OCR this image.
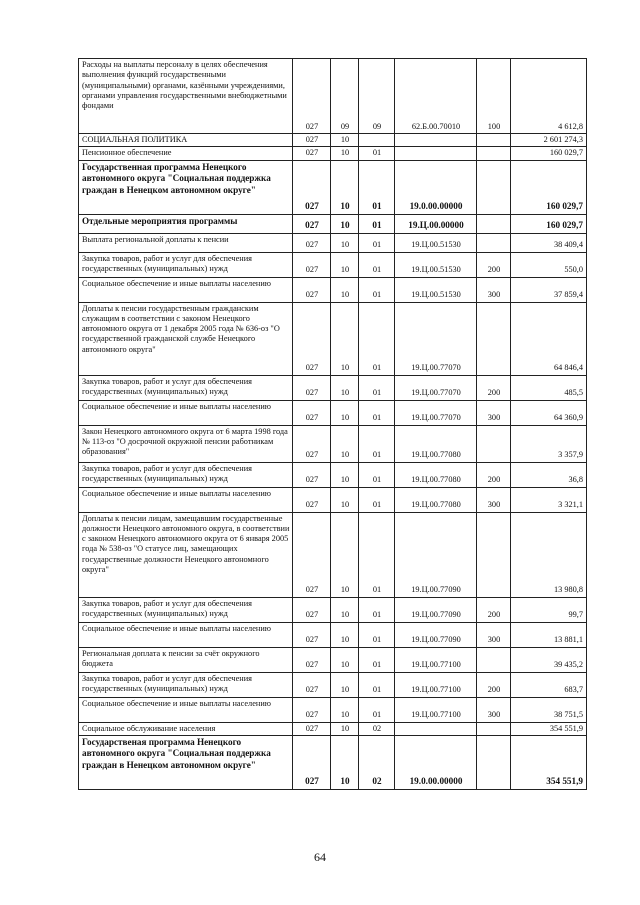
Расходы на выплаты персоналу в целях обеспечения выполнения функций государственными (муниципальными) органами, казёнными учреждениями, органами управления государственными внебюджетными фондами	027	09	09	62.Б.00.70010	100	4 612,8
СОЦИАЛЬНАЯ ПОЛИТИКА	027	10				2 601 274,3
Пенсионное обеспечение	027	10	01			160 029,7
Государственная программа Ненецкого автономного округа "Социальная поддержка граждан в Ненецком автономном округе"	027	10	01	19.0.00.00000		160 029,7
Отдельные мероприятия программы	027	10	01	19.Ц.00.00000		160 029,7
Выплата региональной доплаты к пенсии	027	10	01	19.Ц.00.51530		38 409,4
Закупка товаров, работ и услуг для обеспечения государственных (муниципальных) нужд	027	10	01	19.Ц.00.51530	200	550,0
Социальное обеспечение и иные выплаты населению	027	10	01	19.Ц.00.51530	300	37 859,4
Доплаты к пенсии государственным гражданским служащим в соответствии с законом Ненецкого автономного округа от 1 декабря 2005 года № 636-оз "О государственной гражданской службе Ненецкого автономного округа"	027	10	01	19.Ц.00.77070		64 846,4
Закупка товаров, работ и услуг для обеспечения государственных (муниципальных) нужд	027	10	01	19.Ц.00.77070	200	485,5
Социальное обеспечение и иные выплаты населению	027	10	01	19.Ц.00.77070	300	64 360,9
Закон Ненецкого автономного округа от 6 марта 1998 года № 113-оз "О досрочной окружной пенсии работникам образования"	027	10	01	19.Ц.00.77080		3 357,9
Закупка товаров, работ и услуг для обеспечения государственных (муниципальных) нужд	027	10	01	19.Ц.00.77080	200	36,8
Социальное обеспечение и иные выплаты населению	027	10	01	19.Ц.00.77080	300	3 321,1
Доплаты к пенсии лицам, замещавшим государственные должности Ненецкого автономного округа, в соответствии с законом Ненецкого автономного округа от 6 января 2005 года № 538-оз "О статусе лиц, замещающих государственные должности Ненецкого автономного округа"	027	10	01	19.Ц.00.77090		13 980,8
Закупка товаров, работ и услуг для обеспечения государственных (муниципальных) нужд	027	10	01	19.Ц.00.77090	200	99,7
Социальное обеспечение и иные выплаты населению	027	10	01	19.Ц.00.77090	300	13 881,1
Региональная доплата к пенсии за счёт окружного бюджета	027	10	01	19.Ц.00.77100		39 435,2
Закупка товаров, работ и услуг для обеспечения государственных (муниципальных) нужд	027	10	01	19.Ц.00.77100	200	683,7
Социальное обеспечение и иные выплаты населению	027	10	01	19.Ц.00.77100	300	38 751,5
Социальное обслуживание населения	027	10	02			354 551,9
Государственая программа Ненецкого автономного округа "Социальная поддержка граждан в Ненецком автономном округе"	027	10	02	19.0.00.00000		354 551,9
64
